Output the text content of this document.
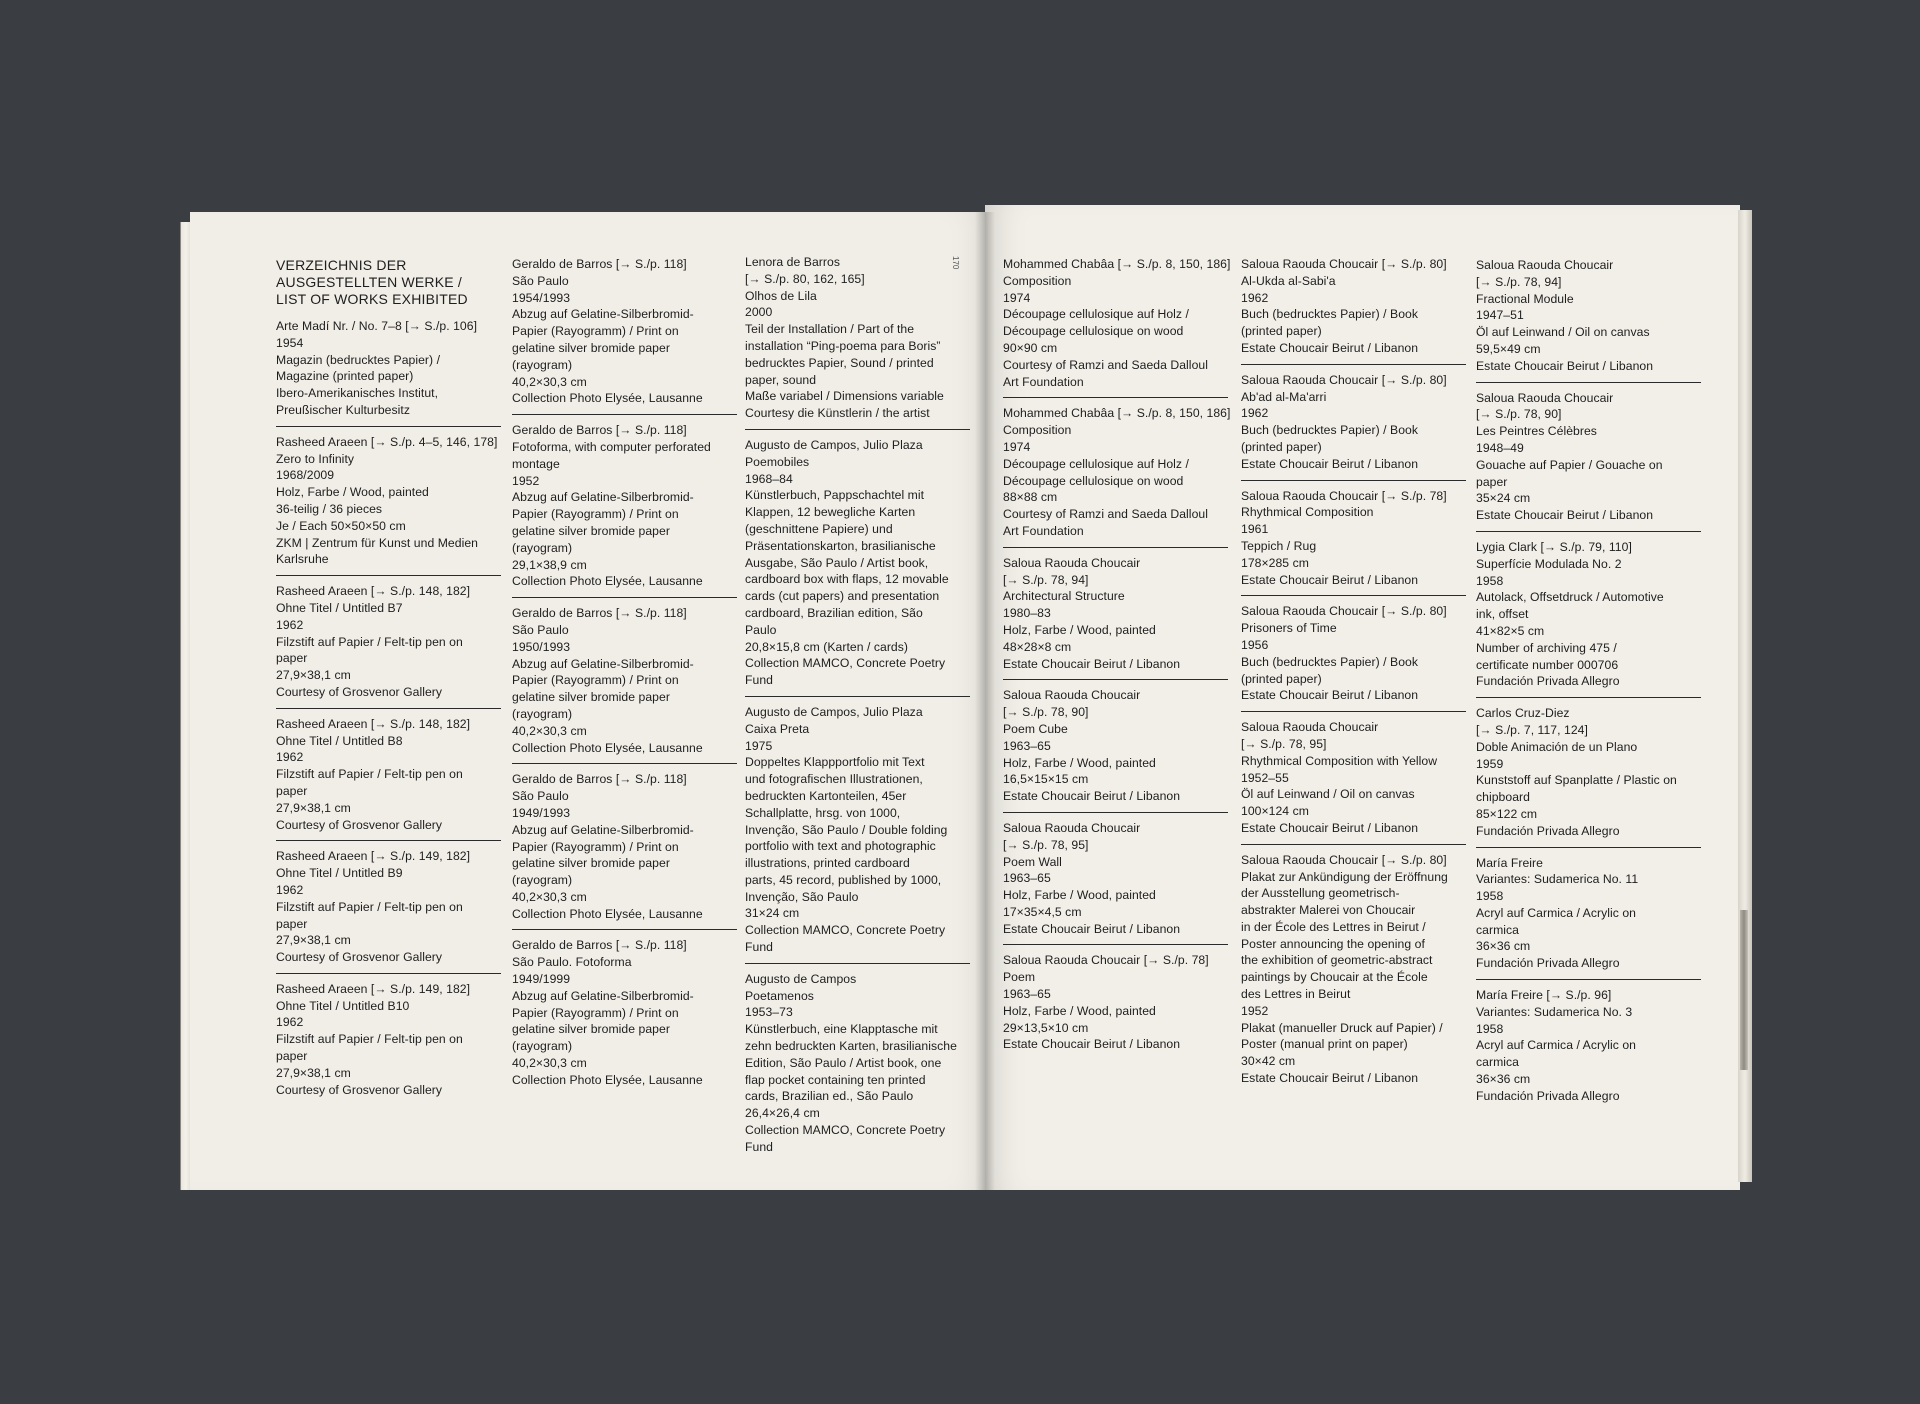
170
VERZEICHNIS DER
AUSGESTELLTEN WERKE /
LIST OF WORKS EXHIBITED
Arte Madí Nr. / No. 7–8 [→ S./p. 106]
1954
Magazin (bedrucktes Papier) /
Magazine (printed paper)
Ibero-Amerikanisches Institut,
Preußischer Kulturbesitz
Rasheed Araeen [→ S./p. 4–5, 146, 178]
Zero to Infinity
1968/2009
Holz, Farbe / Wood, painted
36-teilig / 36 pieces
Je / Each 50×50×50 cm
ZKM | Zentrum für Kunst und Medien
Karlsruhe
Rasheed Araeen [→ S./p. 148, 182]
Ohne Titel / Untitled B7
1962
Filzstift auf Papier / Felt-tip pen on
paper
27,9×38,1 cm
Courtesy of Grosvenor Gallery
Rasheed Araeen [→ S./p. 148, 182]
Ohne Titel / Untitled B8
1962
Filzstift auf Papier / Felt-tip pen on
paper
27,9×38,1 cm
Courtesy of Grosvenor Gallery
Rasheed Araeen [→ S./p. 149, 182]
Ohne Titel / Untitled B9
1962
Filzstift auf Papier / Felt-tip pen on
paper
27,9×38,1 cm
Courtesy of Grosvenor Gallery
Rasheed Araeen [→ S./p. 149, 182]
Ohne Titel / Untitled B10
1962
Filzstift auf Papier / Felt-tip pen on
paper
27,9×38,1 cm
Courtesy of Grosvenor Gallery
Geraldo de Barros [→ S./p. 118]
São Paulo
1954/1993
Abzug auf Gelatine-Silberbromid-
Papier (Rayogramm) / Print on
gelatine silver bromide paper
(rayogram)
40,2×30,3 cm
Collection Photo Elysée, Lausanne
Geraldo de Barros [→ S./p. 118]
Fotoforma, with computer perforated
montage
1952
Abzug auf Gelatine-Silberbromid-
Papier (Rayogramm) / Print on
gelatine silver bromide paper
(rayogram)
29,1×38,9 cm
Collection Photo Elysée, Lausanne
Geraldo de Barros [→ S./p. 118]
São Paulo
1950/1993
Abzug auf Gelatine-Silberbromid-
Papier (Rayogramm) / Print on
gelatine silver bromide paper
(rayogram)
40,2×30,3 cm
Collection Photo Elysée, Lausanne
Geraldo de Barros [→ S./p. 118]
São Paulo
1949/1993
Abzug auf Gelatine-Silberbromid-
Papier (Rayogramm) / Print on
gelatine silver bromide paper
(rayogram)
40,2×30,3 cm
Collection Photo Elysée, Lausanne
Geraldo de Barros [→ S./p. 118]
São Paulo. Fotoforma
1949/1999
Abzug auf Gelatine-Silberbromid-
Papier (Rayogramm) / Print on
gelatine silver bromide paper
(rayogram)
40,2×30,3 cm
Collection Photo Elysée, Lausanne
Lenora de Barros
[→ S./p. 80, 162, 165]
Olhos de Lila
2000
Teil der Installation / Part of the
installation “Ping-poema para Boris”
bedrucktes Papier, Sound / printed
paper, sound
Maße variabel / Dimensions variable
Courtesy die Künstlerin / the artist
Augusto de Campos, Julio Plaza
Poemobiles
1968–84
Künstlerbuch, Pappschachtel mit
Klappen, 12 bewegliche Karten
(geschnittene Papiere) und
Präsentationskarton, brasilianische
Ausgabe, São Paulo / Artist book,
cardboard box with flaps, 12 movable
cards (cut papers) and presentation
cardboard, Brazilian edition, São
Paulo
20,8×15,8 cm (Karten / cards)
Collection MAMCO, Concrete Poetry
Fund
Augusto de Campos, Julio Plaza
Caixa Preta
1975
Doppeltes Klappportfolio mit Text
und fotografischen Illustrationen,
bedruckten Kartonteilen, 45er
Schallplatte, hrsg. von 1000,
Invenção, São Paulo / Double folding
portfolio with text and photographic
illustrations, printed cardboard
parts, 45 record, published by 1000,
Invenção, São Paulo
31×24 cm
Collection MAMCO, Concrete Poetry
Fund
Augusto de Campos
Poetamenos
1953–73
Künstlerbuch, eine Klapptasche mit
zehn bedruckten Karten, brasilianische
Edition, São Paulo / Artist book, one
flap pocket containing ten printed
cards, Brazilian ed., São Paulo
26,4×26,4 cm
Collection MAMCO, Concrete Poetry
Fund
Mohammed Chabâa [→ S./p. 8, 150, 186]
Composition
1974
Découpage cellulosique auf Holz /
Découpage cellulosique on wood
90×90 cm
Courtesy of Ramzi and Saeda Dalloul
Art Foundation
Mohammed Chabâa [→ S./p. 8, 150, 186]
Composition
1974
Découpage cellulosique auf Holz /
Découpage cellulosique on wood
88×88 cm
Courtesy of Ramzi and Saeda Dalloul
Art Foundation
Saloua Raouda Choucair
[→ S./p. 78, 94]
Architectural Structure
1980–83
Holz, Farbe / Wood, painted
48×28×8 cm
Estate Choucair Beirut / Libanon
Saloua Raouda Choucair
[→ S./p. 78, 90]
Poem Cube
1963–65
Holz, Farbe / Wood, painted
16,5×15×15 cm
Estate Choucair Beirut / Libanon
Saloua Raouda Choucair
[→ S./p. 78, 95]
Poem Wall
1963–65
Holz, Farbe / Wood, painted
17×35×4,5 cm
Estate Choucair Beirut / Libanon
Saloua Raouda Choucair [→ S./p. 78]
Poem
1963–65
Holz, Farbe / Wood, painted
29×13,5×10 cm
Estate Choucair Beirut / Libanon
Saloua Raouda Choucair [→ S./p. 80]
Al-Ukda al-Sabi'a
1962
Buch (bedrucktes Papier) / Book
(printed paper)
Estate Choucair Beirut / Libanon
Saloua Raouda Choucair [→ S./p. 80]
Ab'ad al-Ma'arri
1962
Buch (bedrucktes Papier) / Book
(printed paper)
Estate Choucair Beirut / Libanon
Saloua Raouda Choucair [→ S./p. 78]
Rhythmical Composition
1961
Teppich / Rug
178×285 cm
Estate Choucair Beirut / Libanon
Saloua Raouda Choucair [→ S./p. 80]
Prisoners of Time
1956
Buch (bedrucktes Papier) / Book
(printed paper)
Estate Choucair Beirut / Libanon
Saloua Raouda Choucair
[→ S./p. 78, 95]
Rhythmical Composition with Yellow
1952–55
Öl auf Leinwand / Oil on canvas
100×124 cm
Estate Choucair Beirut / Libanon
Saloua Raouda Choucair [→ S./p. 80]
Plakat zur Ankündigung der Eröffnung
der Ausstellung geometrisch-
abstrakter Malerei von Choucair
in der École des Lettres in Beirut /
Poster announcing the opening of
the exhibition of geometric-abstract
paintings by Choucair at the École
des Lettres in Beirut
1952
Plakat (manueller Druck auf Papier) /
Poster (manual print on paper)
30×42 cm
Estate Choucair Beirut / Libanon
Saloua Raouda Choucair
[→ S./p. 78, 94]
Fractional Module
1947–51
Öl auf Leinwand / Oil on canvas
59,5×49 cm
Estate Choucair Beirut / Libanon
Saloua Raouda Choucair
[→ S./p. 78, 90]
Les Peintres Célèbres
1948–49
Gouache auf Papier / Gouache on
paper
35×24 cm
Estate Choucair Beirut / Libanon
Lygia Clark [→ S./p. 79, 110]
Superfície Modulada No. 2
1958
Autolack, Offsetdruck / Automotive
ink, offset
41×82×5 cm
Number of archiving 475 /
certificate number 000706
Fundación Privada Allegro
Carlos Cruz-Diez
[→ S./p. 7, 117, 124]
Doble Animación de un Plano
1959
Kunststoff auf Spanplatte / Plastic on
chipboard
85×122 cm
Fundación Privada Allegro
María Freire
Variantes: Sudamerica No. 11
1958
Acryl auf Carmica / Acrylic on
carmica
36×36 cm
Fundación Privada Allegro
María Freire [→ S./p. 96]
Variantes: Sudamerica No. 3
1958
Acryl auf Carmica / Acrylic on
carmica
36×36 cm
Fundación Privada Allegro
